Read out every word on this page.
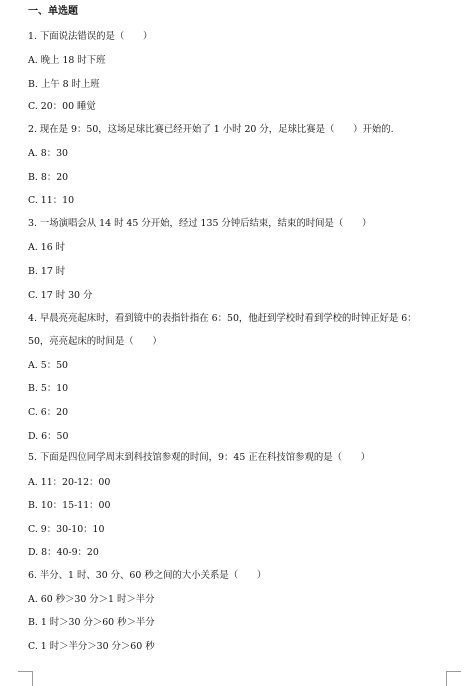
一、单选题
1. 下面说法错误的是（　　）
A. 晚上 18 时下班
B. 上午 8 时上班
C. 20：00 睡觉
2. 现在是 9：50，这场足球比赛已经开始了 1 小时 20 分，足球比赛是（　　）开始的.
A. 8：30
B. 8：20
C. 11：10
3. 一场演唱会从 14 时 45 分开始，经过 135 分钟后结束，结束的时间是（　　）
A. 16 时
B. 17 时
C. 17 时 30 分
4. 早晨亮亮起床时，看到镜中的表指针指在 6：50，他赶到学校时看到学校的时钟正好是 6：
50，亮亮起床的时间是（　　）
A. 5：50
B. 5：10
C. 6：20
D. 6：50
5. 下面是四位同学周末到科技馆参观的时间，9：45 正在科技馆参观的是（　　）
A. 11：20-12：00
B. 10：15-11：00
C. 9：30-10：10
D. 8：40-9：20
6. 半分、1 时、30 分、60 秒之间的大小关系是（　　）
A. 60 秒＞30 分＞1 时＞半分
B. 1 时＞30 分＞60 秒＞半分
C. 1 时＞半分＞30 分＞60 秒
